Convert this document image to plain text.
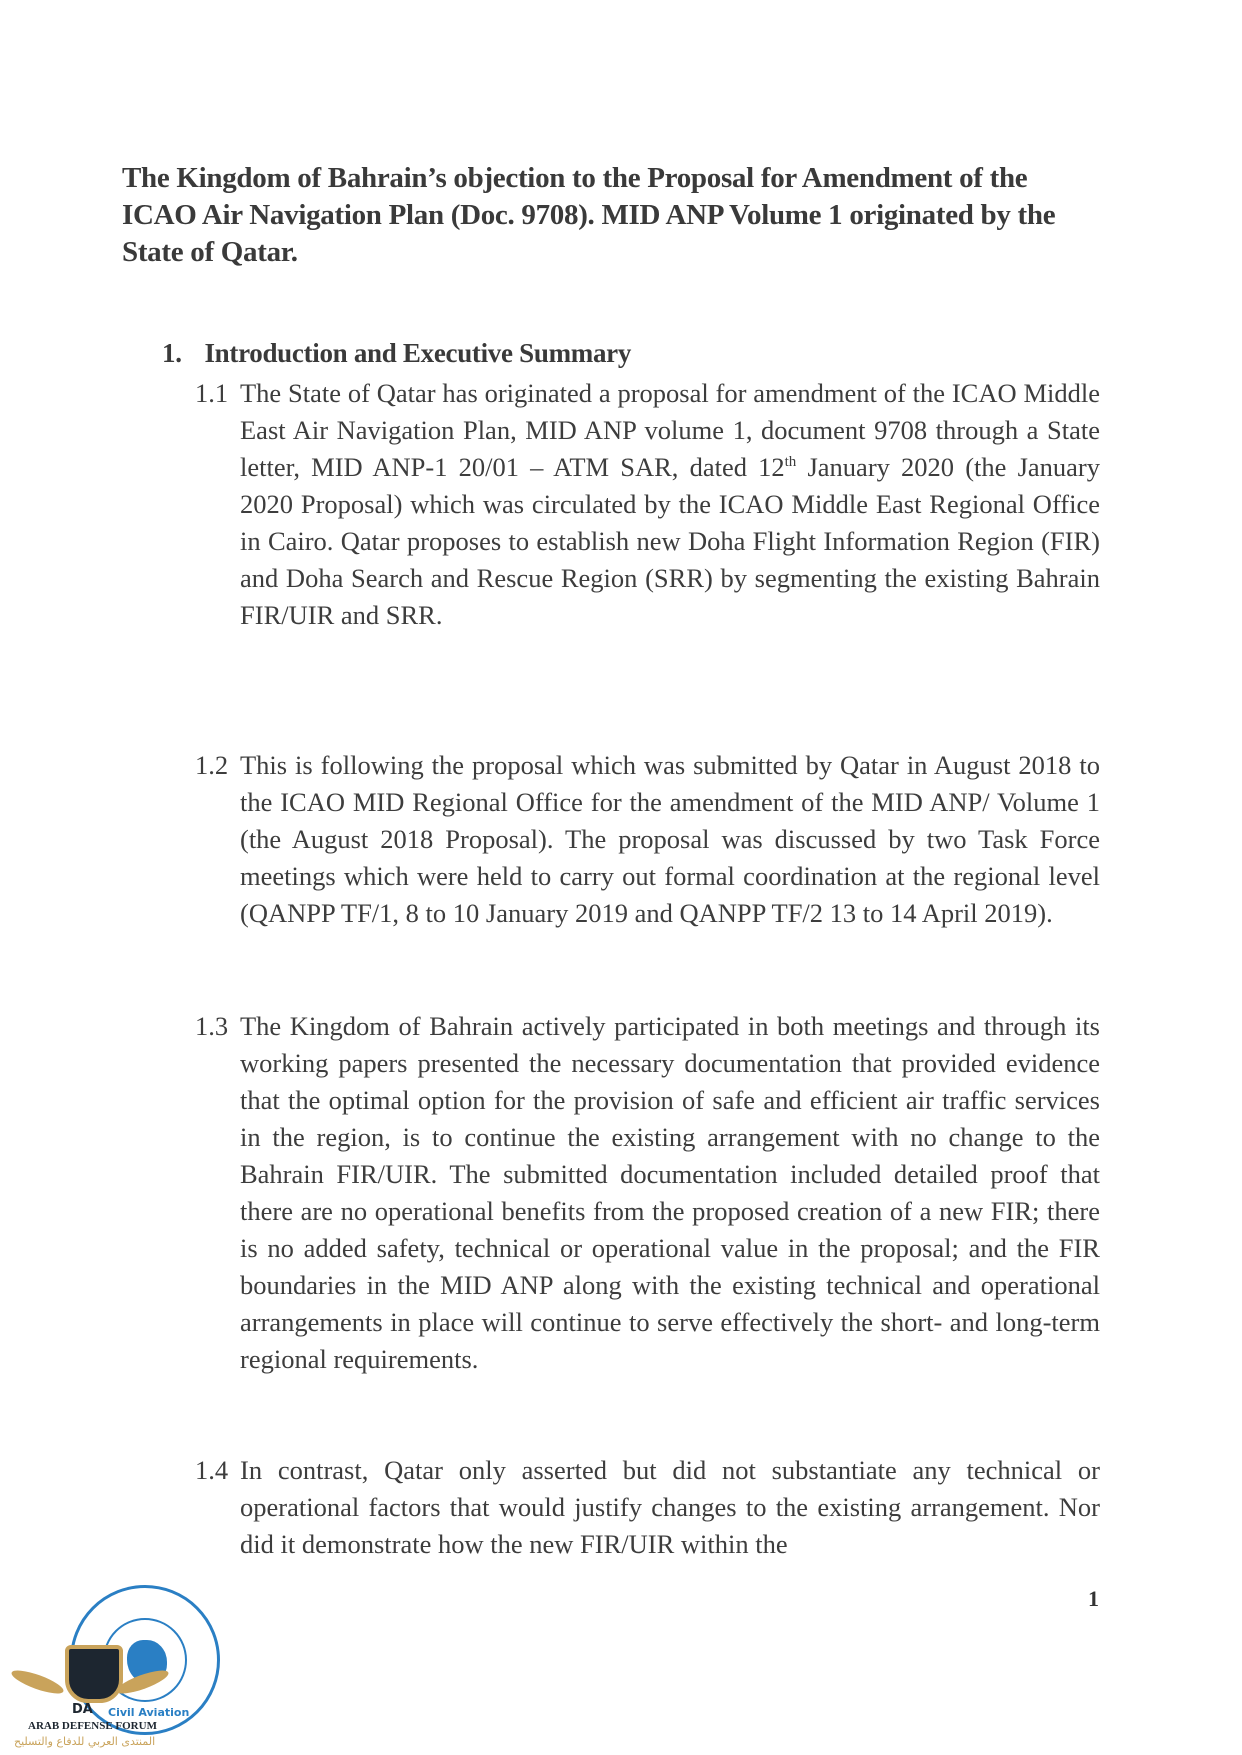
The Kingdom of Bahrain’s objection to the Proposal for Amendment of the ICAO Air Navigation Plan (Doc. 9708). MID ANP Volume 1 originated by the State of Qatar.
1. Introduction and Executive Summary
1.1 The State of Qatar has originated a proposal for amendment of the ICAO Middle East Air Navigation Plan, MID ANP volume 1, document 9708 through a State letter, MID ANP-1 20/01 – ATM SAR, dated 12th January 2020 (the January 2020 Proposal) which was circulated by the ICAO Middle East Regional Office in Cairo. Qatar proposes to establish new Doha Flight Information Region (FIR) and Doha Search and Rescue Region (SRR) by segmenting the existing Bahrain FIR/UIR and SRR.
1.2 This is following the proposal which was submitted by Qatar in August 2018 to the ICAO MID Regional Office for the amendment of the MID ANP/ Volume 1 (the August 2018 Proposal). The proposal was discussed by two Task Force meetings which were held to carry out formal coordination at the regional level (QANPP TF/1, 8 to 10 January 2019 and QANPP TF/2 13 to 14 April 2019).
1.3 The Kingdom of Bahrain actively participated in both meetings and through its working papers presented the necessary documentation that provided evidence that the optimal option for the provision of safe and efficient air traffic services in the region, is to continue the existing arrangement with no change to the Bahrain FIR/UIR. The submitted documentation included detailed proof that there are no operational benefits from the proposed creation of a new FIR; there is no added safety, technical or operational value in the proposal; and the FIR boundaries in the MID ANP along with the existing technical and operational arrangements in place will continue to serve effectively the short- and long-term regional requirements.
1.4 In contrast, Qatar only asserted but did not substantiate any technical or operational factors that would justify changes to the existing arrangement. Nor did it demonstrate how the new FIR/UIR within the
1
Civil Aviation
DA
ARAB DEFENSE FORUM
المنتدى العربي للدفاع والتسليح
